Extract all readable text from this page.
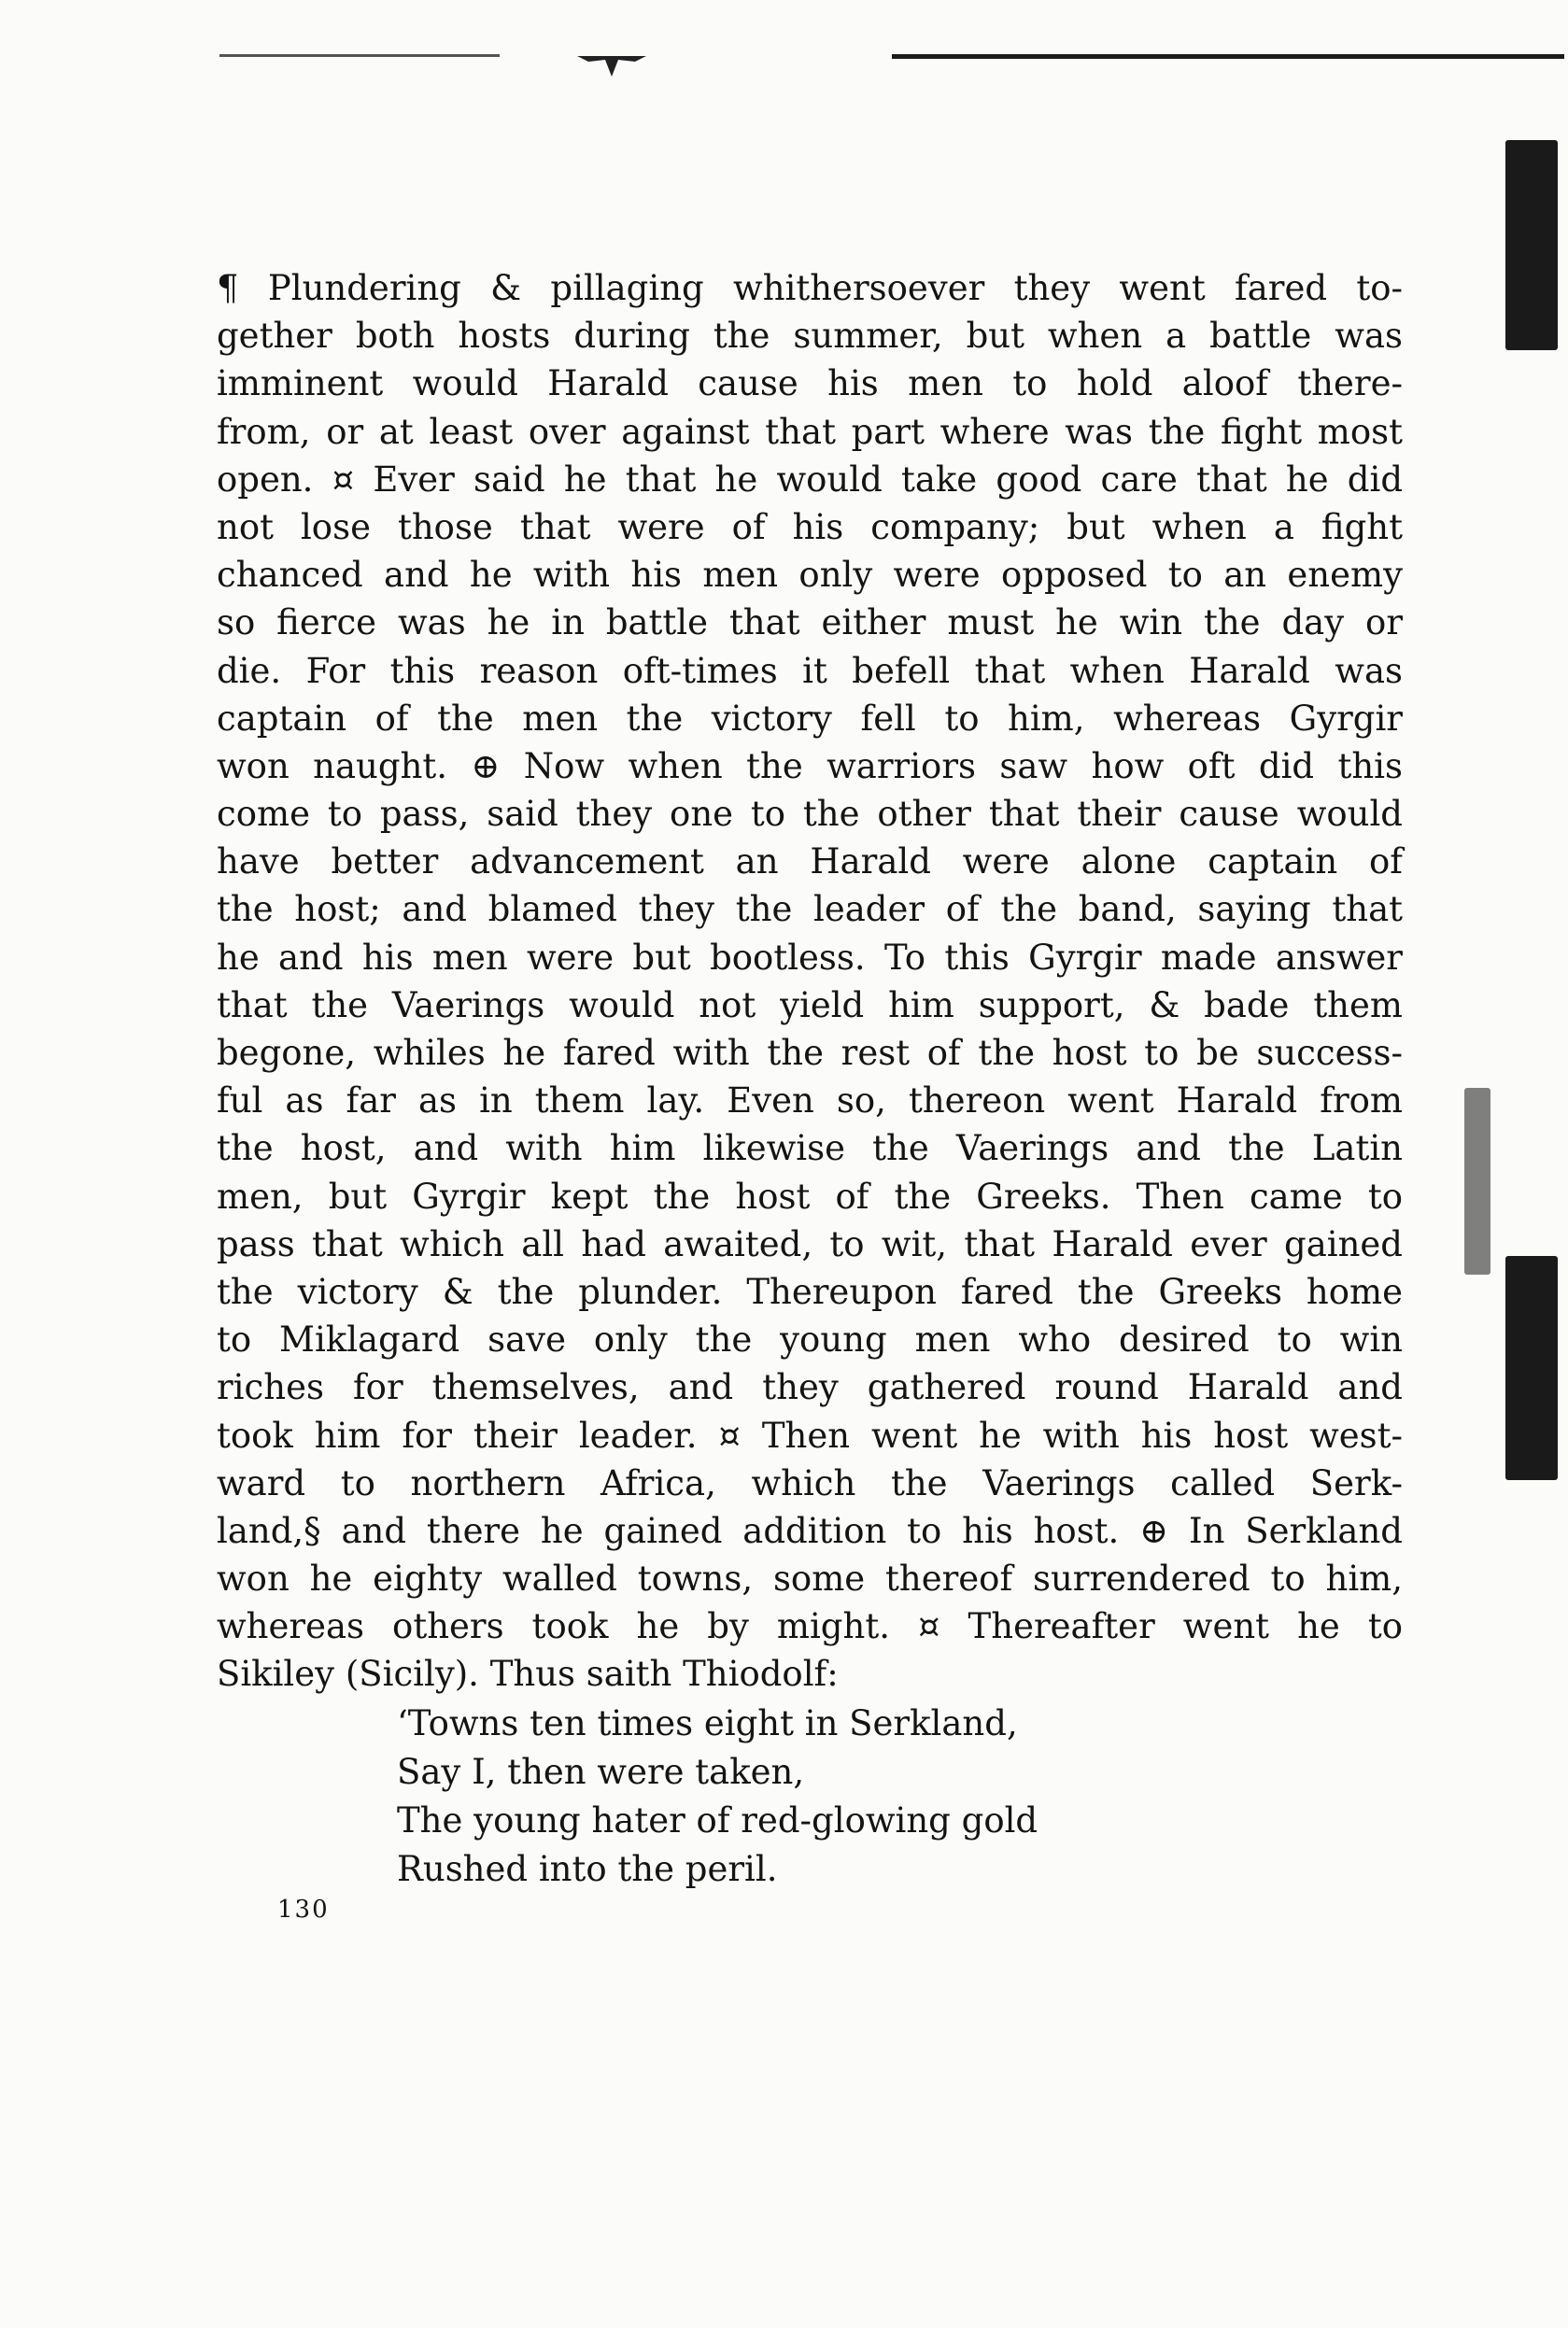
¶ Plundering & pillaging whithersoever they went fared to-
gether both hosts during the summer, but when a battle was
imminent would Harald cause his men to hold aloof there-
from, or at least over against that part where was the fight most
open. ¤ Ever said he that he would take good care that he did
not lose those that were of his company; but when a fight
chanced and he with his men only were opposed to an enemy
so fierce was he in battle that either must he win the day or
die. For this reason oft-times it befell that when Harald was
captain of the men the victory fell to him, whereas Gyrgir
won naught. ⊕ Now when the warriors saw how oft did this
come to pass, said they one to the other that their cause would
have better advancement an Harald were alone captain of
the host; and blamed they the leader of the band, saying that
he and his men were but bootless. To this Gyrgir made answer
that the Vaerings would not yield him support, & bade them
begone, whiles he fared with the rest of the host to be success-
ful as far as in them lay. Even so, thereon went Harald from
the host, and with him likewise the Vaerings and the Latin
men, but Gyrgir kept the host of the Greeks. Then came to
pass that which all had awaited, to wit, that Harald ever gained
the victory & the plunder. Thereupon fared the Greeks home
to Miklagard save only the young men who desired to win
riches for themselves, and they gathered round Harald and
took him for their leader. ¤ Then went he with his host west-
ward to northern Africa, which the Vaerings called Serk-
land,§ and there he gained addition to his host. ⊕ In Serkland
won he eighty walled towns, some thereof surrendered to him,
whereas others took he by might. ¤ Thereafter went he to
Sikiley (Sicily). Thus saith Thiodolf:
‘Towns ten times eight in Serkland,
Say I, then were taken,
The young hater of red-glowing gold
Rushed into the peril.
130
